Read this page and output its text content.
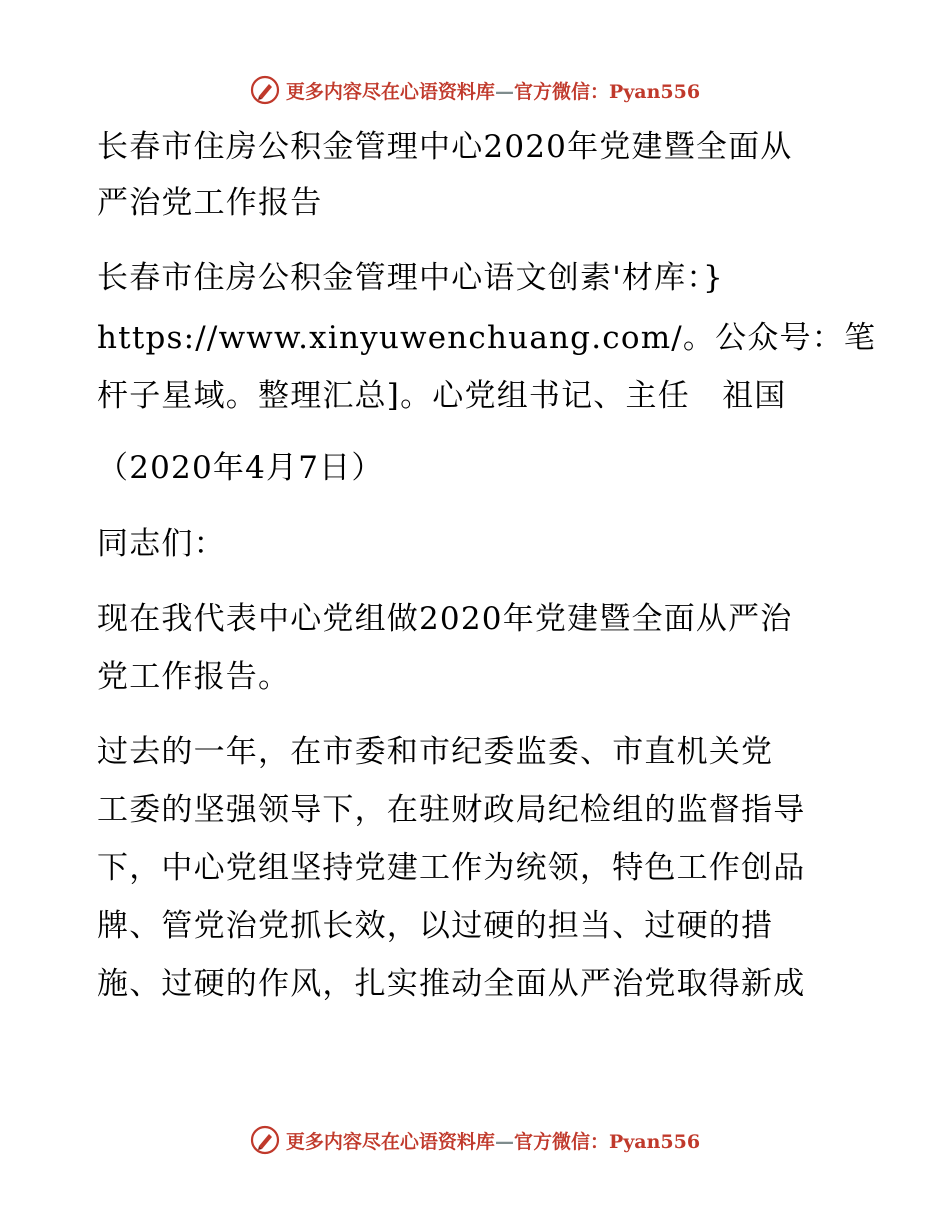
更多内容尽在心语资料库—官方微信：Pyan556
长春市住房公积金管理中心2020年党建暨全面从
严治党工作报告
长春市住房公积金管理中心语文创素'材库：}
https://www.xinyuwenchuang.com/。公众号：笔
杆子星域。整理汇总]。心党组书记、主任　祖国
（2020年4月7日）
同志们：
现在我代表中心党组做2020年党建暨全面从严治
党工作报告。
过去的一年，在市委和市纪委监委、市直机关党
工委的坚强领导下，在驻财政局纪检组的监督指导
下，中心党组坚持党建工作为统领，特色工作创品
牌、管党治党抓长效，以过硬的担当、过硬的措
施、过硬的作风，扎实推动全面从严治党取得新成
更多内容尽在心语资料库—官方微信：Pyan556
